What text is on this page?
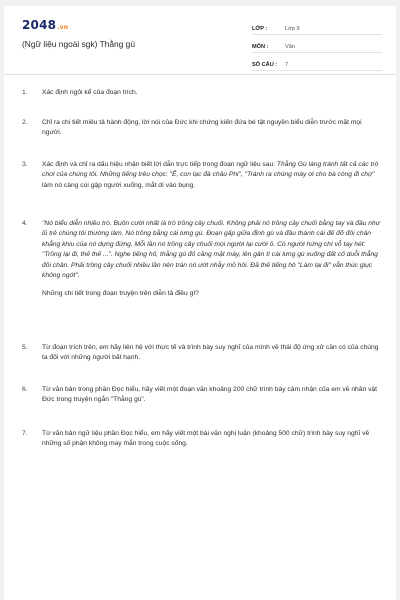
2048.vn
(Ngữ liệu ngoài sgk) Thằng gù
LỚP :	Lớp 9
MÔN :	Văn
SỐ CÂU :	7
1.	Xác định ngôi kể của đoạn trích.

2.	Chỉ ra chi tiết miêu tả hành động, lời nói của Đức khi chứng kiến đứa bé tật nguyền biểu diễn trước mặt mọi người.

3.	Xác định và chỉ ra dấu hiệu nhận biết lời dẫn trực tiếp trong đoạn ngữ liệu sau: Thằng Gù láng tránh tất cả các trò chơi của chúng tôi. Những tiếng trêu chọc: "Ê, con lạc đà châu Phi", "Tránh ra chúng mày ơi cho bà còng đi chợ" làm nó càng cúi gập người xuống, mắt dí vào bụng.

4.	"Nó biểu diễn nhiều trò. Buồn cười nhất là trò trồng cây chuối. Không phải nó trồng cây chuối bằng tay và đầu như lũ trẻ chúng tôi thường làm. Nó trồng bằng cái lưng gù. Đoạn gấp giữa đỉnh gù và đầu thành cái đế đỡ đôi chân khẳng khiu của nó dựng đứng. Mỗi lần nó trồng cây chuối mọi người lại cười ồ. Có người hứng chí vỗ tay hét: "Trồng lại đi, thế thế ...". Nghe tiếng hô, thằng gù đỏ căng mặt máy, lên gân tì cái lưng gù xuống đất cố duỗi thẳng đôi chân. Phải trồng cây chuối nhiều lần nên trán nó ướt nhẫy mồ hôi. Đã thế tiếng hô "Làm lại đi" vẫn thúc giục không ngớt".

Những chi tiết trong đoạn truyện trên diễn tả điều gì?

5.	Từ đoạn trích trên, em hãy liên hệ với thực tế và trình bày suy nghĩ của mình về thái độ ứng xử cần có của chúng ta đối với những người bất hạnh.

6.	Từ văn bản trong phần Đọc hiểu, hãy viết một đoạn văn khoảng 200 chữ trình bày cảm nhận của em về nhân vật Đức trong truyện ngắn "Thằng gù".

7.	Từ văn bản ngữ liệu phần Đọc hiểu, em hãy viết một bài văn nghị luận (khoảng 500 chữ) trình bày suy nghĩ về những số phận không may mắn trong cuộc sống.
